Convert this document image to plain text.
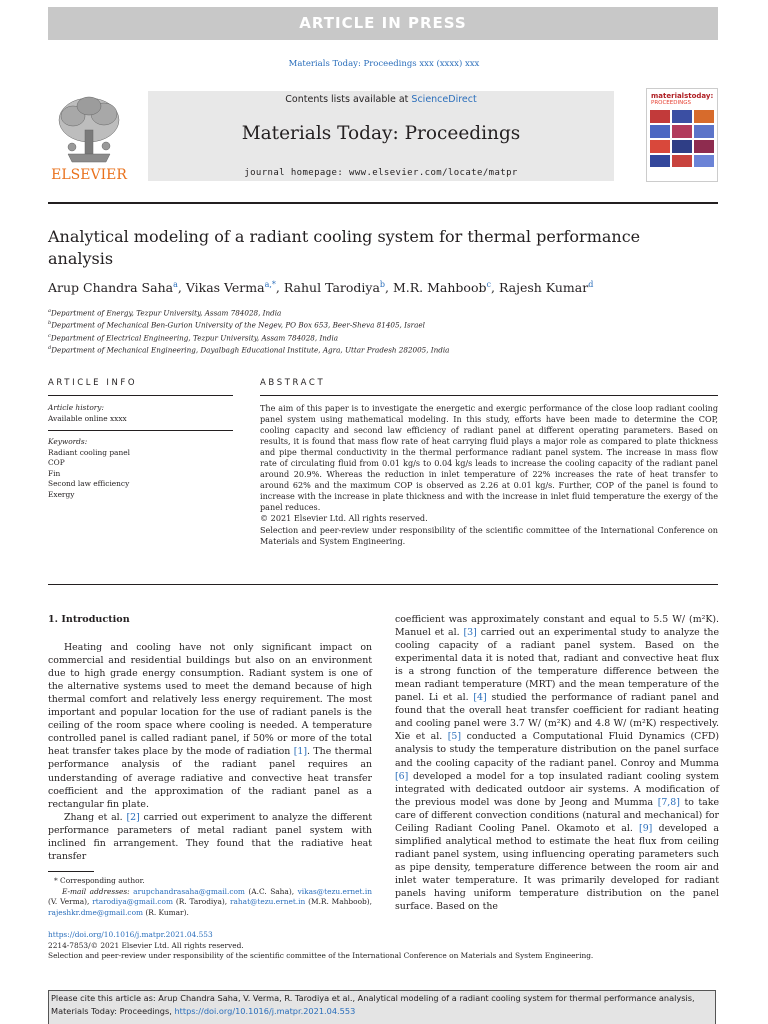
ARTICLE IN PRESS
Materials Today: Proceedings xxx (xxxx) xxx
ELSEVIER
Contents lists available at ScienceDirect
Materials Today: Proceedings
journal homepage: www.elsevier.com/locate/matpr
materialstoday:
PROCEEDINGS
Analytical modeling of a radiant cooling system for thermal performance analysis
Arup Chandra Saha$^a$, Vikas Verma$^{a,*}$, Rahul Tarodiya$^b$, M.R. Mahboob$^c$, Rajesh Kumar$^d$
$^a$Department of Energy, Tezpur University, Assam 784028, India
$^b$Department of Mechanical Ben-Gurion University of the Negev, PO Box 653, Beer-Sheva 81405, Israel
$^c$Department of Electrical Engineering, Tezpur University, Assam 784028, India
$^d$Department of Mechanical Engineering, Dayalbagh Educational Institute, Agra, Uttar Pradesh 282005, India
ARTICLE INFO	ABSTRACT
Article history:
Available online xxxx
Keywords:
Radiant cooling panel
COP
Fin
Second law efficiency
Exergy

The aim of this paper is to investigate the energetic and exergic performance of the close loop radiant cooling panel system using mathematical modeling. In this study, efforts have been made to determine the COP, cooling capacity and second law efficiency of radiant panel at different operating parameters. Based on results, it is found that mass flow rate of heat carrying fluid plays a major role as compared to plate thickness and pipe thermal conductivity in the thermal performance radiant panel system. The increase in mass flow rate of circulating fluid from 0.01 kg/s to 0.04 kg/s leads to increase the cooling capacity of the radiant panel around 20.9%. Whereas the reduction in inlet temperature of 22% increases the rate of heat transfer to around 62% and the maximum COP is observed as 2.26 at 0.01 kg/s. Further, COP of the panel is found to increase with the increase in plate thickness and with the increase in inlet fluid temperature the exergy of the panel reduces.

© 2021 Elsevier Ltd. All rights reserved.

Selection and peer-review under responsibility of the scientific committee of the International Conference on Materials and System Engineering.

1. Introduction

Heating and cooling have not only significant impact on commercial and residential buildings but also on an environment due to high grade energy consumption. Radiant system is one of the alternative systems used to meet the demand because of high thermal comfort and relatively less energy requirement. The most important and popular location for the use of radiant panels is the ceiling of the room space where cooling is needed. A temperature controlled panel is called radiant panel, if 50% or more of the total heat transfer takes place by the mode of radiation [1]. The thermal performance analysis of the radiant panel requires an understanding of average radiative and convective heat transfer coefficient and the approximation of the radiant panel as a rectangular fin plate.

Zhang et al. [2] carried out experiment to analyze the different performance parameters of metal radiant panel system with inclined fin arrangement. They found that the radiative heat transfer

coefficient was approximately constant and equal to 5.5 W/ (m²K). Manuel et al. [3] carried out an experimental study to analyze the cooling capacity of a radiant panel system. Based on the experimental data it is noted that, radiant and convective heat flux is a strong function of the temperature difference between the mean radiant temperature (MRT) and the mean temperature of the panel. Li et al. [4] studied the performance of radiant panel and found that the overall heat transfer coefficient for radiant heating and cooling panel were 3.7 W/ (m²K) and 4.8 W/ (m²K) respectively. Xie et al. [5] conducted a Computational Fluid Dynamics (CFD) analysis to study the temperature distribution on the panel surface and the cooling capacity of the radiant panel. Conroy and Mumma [6] developed a model for a top insulated radiant cooling system integrated with dedicated outdoor air systems. A modification of the previous model was done by Jeong and Mumma [7,8] to take care of different convection conditions (natural and mechanical) for Ceiling Radiant Cooling Panel. Okamoto et al. [9] developed a simplified analytical method to estimate the heat flux from ceiling radiant panel system, using influencing operating parameters such as pipe density, temperature difference between the room air and inlet water temperature. It was primarily developed for radiant panels having uniform temperature distribution on the panel surface. Based on the

* Corresponding author.
E-mail addresses: arupchandrasaha@gmail.com (A.C. Saha), vikas@tezu.ernet.in (V. Verma), rtarodiya@gmail.com (R. Tarodiya), rahat@tezu.ernet.in (M.R. Mahboob), rajeshkr.dme@gmail.com (R. Kumar).
https://doi.org/10.1016/j.matpr.2021.04.553
2214-7853/© 2021 Elsevier Ltd. All rights reserved.
Selection and peer-review under responsibility of the scientific committee of the International Conference on Materials and System Engineering.
Please cite this article as: Arup Chandra Saha, V. Verma, R. Tarodiya et al., Analytical modeling of a radiant cooling system for thermal performance analysis, Materials Today: Proceedings, https://doi.org/10.1016/j.matpr.2021.04.553
